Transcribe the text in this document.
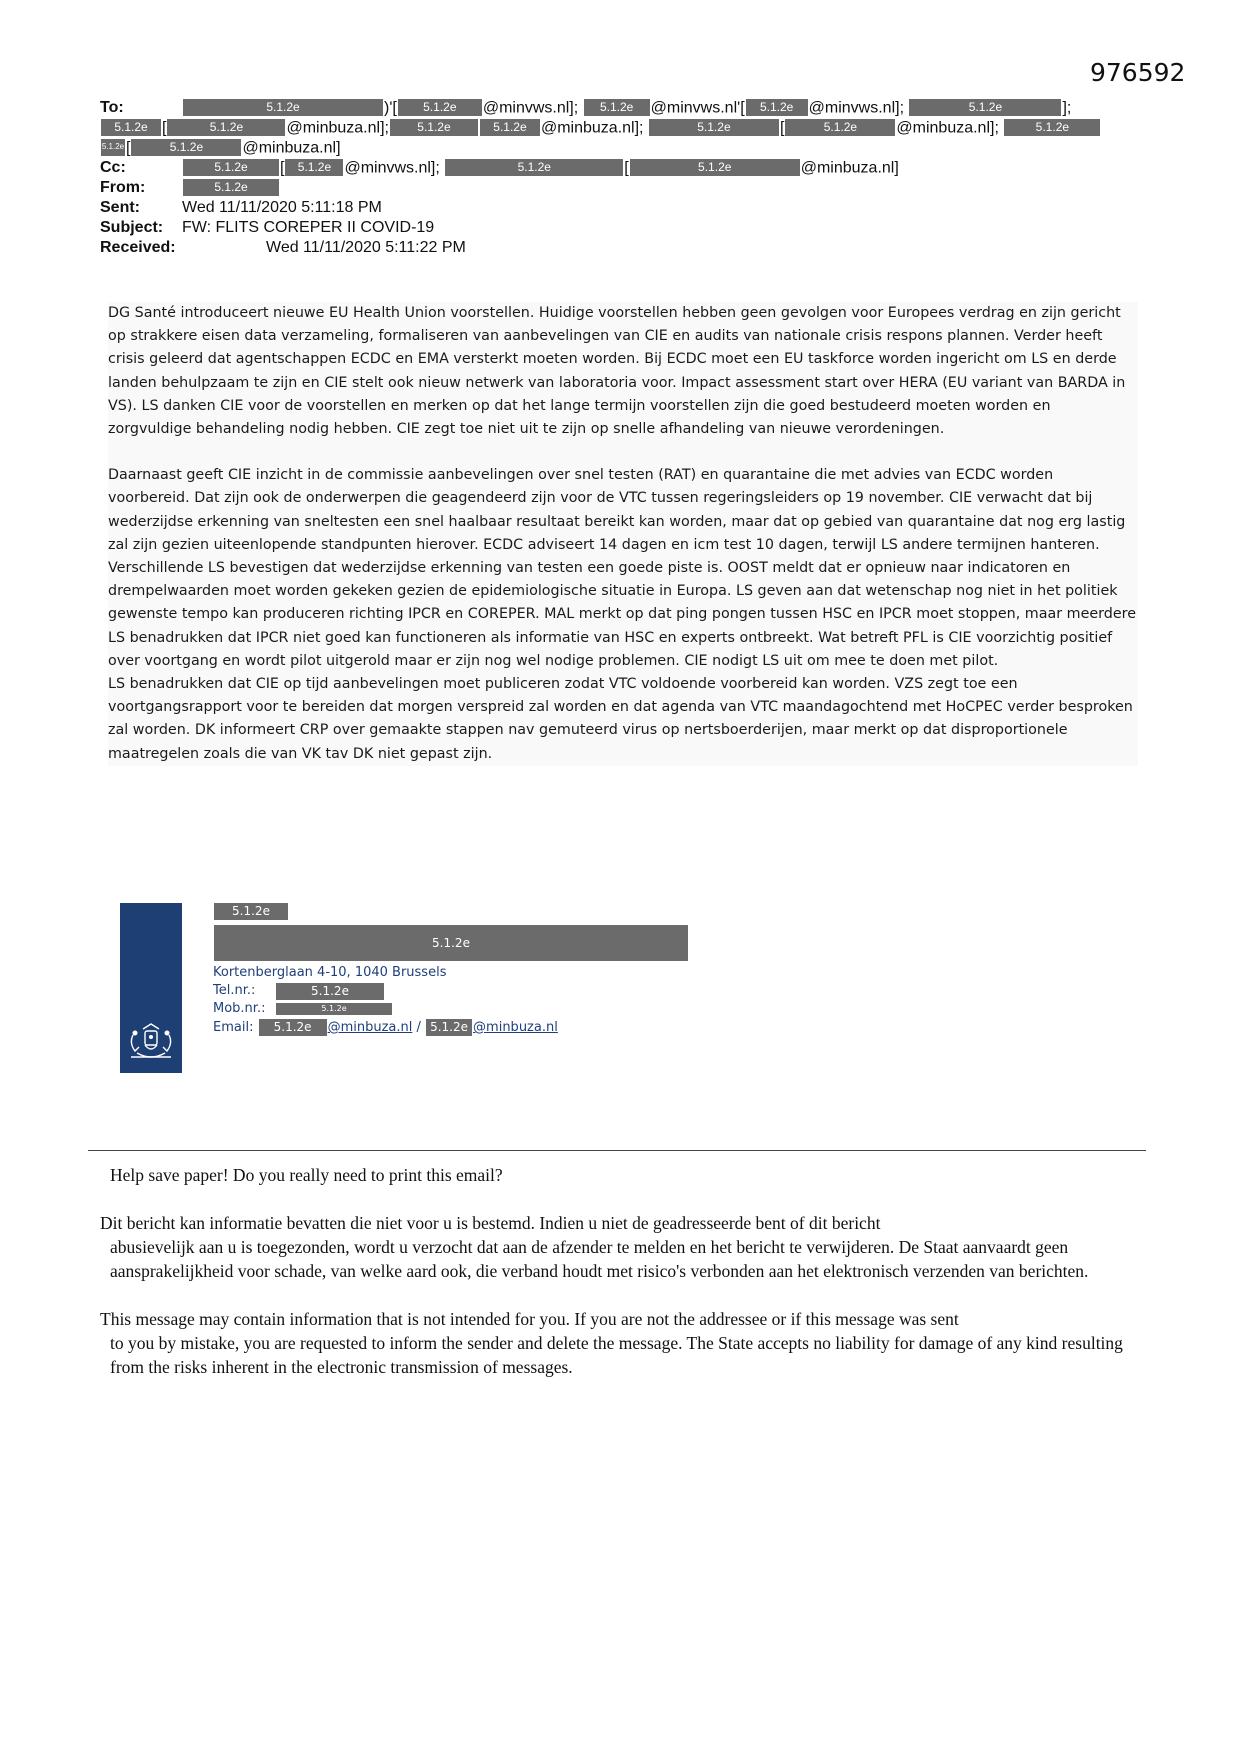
976592
To:	5.1.2e	)'[ 5.1.2e @minvws.nl]; 5.1.2e @minvws.nl'[ 5.1.2e @minvws.nl];	5.1.2e	];
5.1.2e [	5.1.2e	@minbuza.nl]; 5.1.2e	5.1.2e @minbuza.nl];	5.1.2e	[	5.1.2e @minbuza.nl];	5.1.2e
5.1.2e [	5.1.2e @minbuza.nl]
Cc:	5.1.2e [ 5.1.2e @minvws.nl];	5.1.2e	[	5.1.2e	@minbuza.nl]
From:	5.1.2e
Sent:	Wed 11/11/2020 5:11:18 PM
Subject: FW: FLITS COREPER II COVID-19
Received:	Wed 11/11/2020 5:11:22 PM

DG Santé introduceert nieuwe EU Health Union voorstellen. Huidige voorstellen hebben geen gevolgen voor Europees verdrag en zijn gericht op strakkere eisen data verzameling, formaliseren van aanbevelingen van CIE en audits van nationale crisis respons plannen. Verder heeft crisis geleerd dat agentschappen ECDC en EMA versterkt moeten worden. Bij ECDC moet een EU taskforce worden ingericht om LS en derde landen behulpzaam te zijn en CIE stelt ook nieuw netwerk van laboratoria voor. Impact assessment start over HERA (EU variant van BARDA in VS). LS danken CIE voor de voorstellen en merken op dat het lange termijn voorstellen zijn die goed bestudeerd moeten worden en zorgvuldige behandeling nodig hebben. CIE zegt toe niet uit te zijn op snelle afhandeling van nieuwe verordeningen.

Daarnaast geeft CIE inzicht in de commissie aanbevelingen over snel testen (RAT) en quarantaine die met advies van ECDC worden voorbereid. Dat zijn ook de onderwerpen die geagendeerd zijn voor de VTC tussen regeringsleiders op 19 november. CIE verwacht dat bij wederzijdse erkenning van sneltesten een snel haalbaar resultaat bereikt kan worden, maar dat op gebied van quarantaine dat nog erg lastig zal zijn gezien uiteenlopende standpunten hierover. ECDC adviseert 14 dagen en icm test 10 dagen, terwijl LS andere termijnen hanteren. Verschillende LS bevestigen dat wederzijdse erkenning van testen een goede piste is. OOST meldt dat er opnieuw naar indicatoren en drempelwaarden moet worden gekeken gezien de epidemiologische situatie in Europa. LS geven aan dat wetenschap nog niet in het politiek gewenste tempo kan produceren richting IPCR en COREPER. MAL merkt op dat ping pongen tussen HSC en IPCR moet stoppen, maar meerdere LS benadrukken dat IPCR niet goed kan functioneren als informatie van HSC en experts ontbreekt. Wat betreft PFL is CIE voorzichtig positief over voortgang en wordt pilot uitgerold maar er zijn nog wel nodige problemen. CIE nodigt LS uit om mee te doen met pilot.

LS benadrukken dat CIE op tijd aanbevelingen moet publiceren zodat VTC voldoende voorbereid kan worden. VZS zegt toe een voortgangsrapport voor te bereiden dat morgen verspreid zal worden en dat agenda van VTC maandagochtend met HoCPEC verder besproken zal worden. DK informeert CRP over gemaakte stappen nav gemuteerd virus op nertsboerderijen, maar merkt op dat disproportionele maatregelen zoals die van VK tav DK niet gepast zijn.

5.1.2e
5.1.2e
Kortenberglaan 4-10, 1040 Brussels
Tel.nr.:	5.1.2e
Mob.nr.:	5.1.2e
Email: 5.1.2e @minbuza.nl / 5.1.2e @minbuza.nl

Help save paper! Do you really need to print this email?

Dit bericht kan informatie bevatten die niet voor u is bestemd. Indien u niet de geadresseerde bent of dit bericht

abusievelijk aan u is toegezonden, wordt u verzocht dat aan de afzender te melden en het bericht te verwijderen. De Staat aanvaardt geen aansprakelijkheid voor schade, van welke aard ook, die verband houdt met risico's verbonden aan het elektronisch verzenden van berichten.

This message may contain information that is not intended for you. If you are not the addressee or if this message was sent

to you by mistake, you are requested to inform the sender and delete the message. The State accepts no liability for damage of any kind resulting from the risks inherent in the electronic transmission of messages.
